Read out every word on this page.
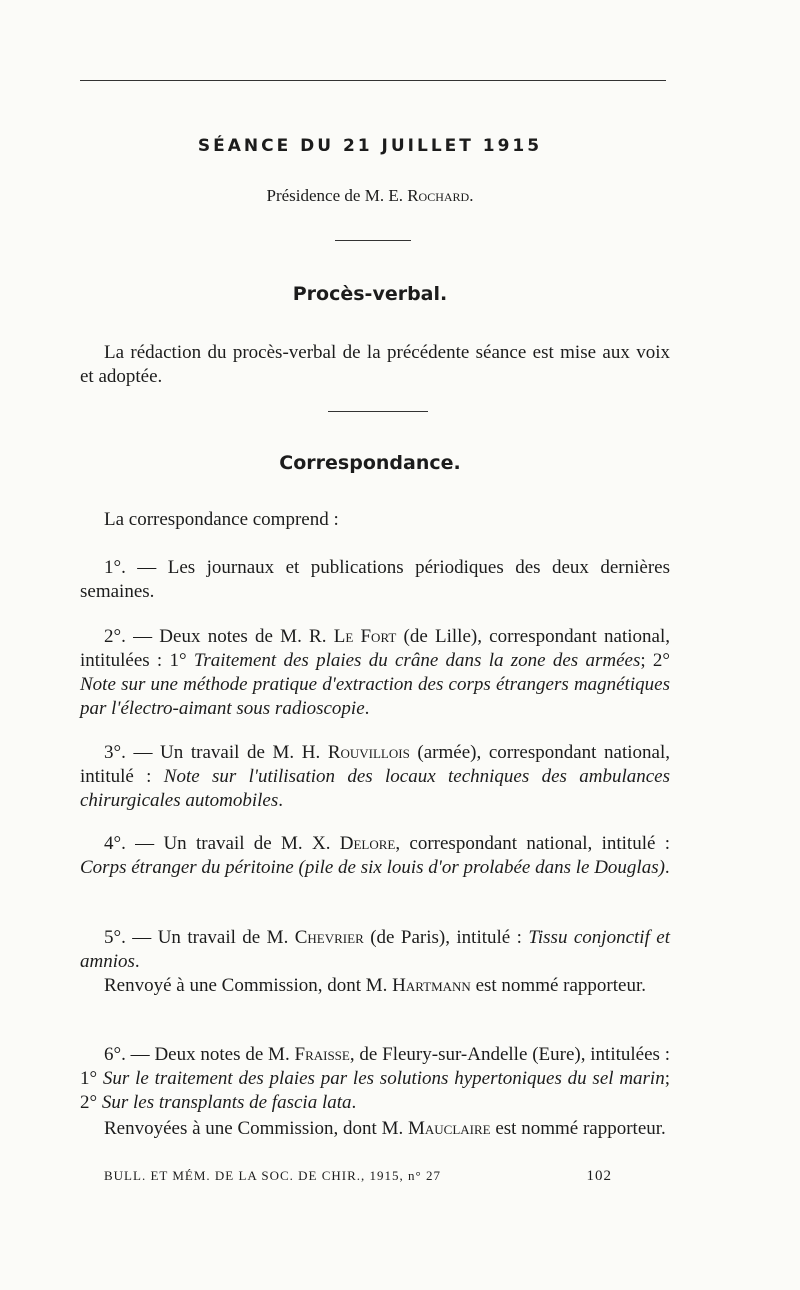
SÉANCE DU 21 JUILLET 1915
Présidence de M. E. Rochard.
Procès-verbal.
La rédaction du procès-verbal de la précédente séance est mise aux voix et adoptée.
Correspondance.
La correspondance comprend :
1°. — Les journaux et publications périodiques des deux dernières semaines.
2°. — Deux notes de M. R. Le Fort (de Lille), correspondant national, intitulées : 1° Traitement des plaies du crâne dans la zone des armées; 2° Note sur une méthode pratique d'extraction des corps étrangers magnétiques par l'électro-aimant sous radioscopie.
3°. — Un travail de M. H. Rouvillois (armée), correspondant national, intitulé : Note sur l'utilisation des locaux techniques des ambulances chirurgicales automobiles.
4°. — Un travail de M. X. Delore, correspondant national, intitulé : Corps étranger du péritoine (pile de six louis d'or prolabée dans le Douglas).
5°. — Un travail de M. Chevrier (de Paris), intitulé : Tissu conjonctif et amnios.
Renvoyé à une Commission, dont M. Hartmann est nommé rapporteur.
6°. — Deux notes de M. Fraisse, de Fleury-sur-Andelle (Eure), intitulées : 1° Sur le traitement des plaies par les solutions hypertoniques du sel marin; 2° Sur les transplants de fascia lata.
Renvoyées à une Commission, dont M. Mauclaire est nommé rapporteur.
BULL. ET MÉM. DE LA SOC. DE CHIR., 1915, n° 27	102
